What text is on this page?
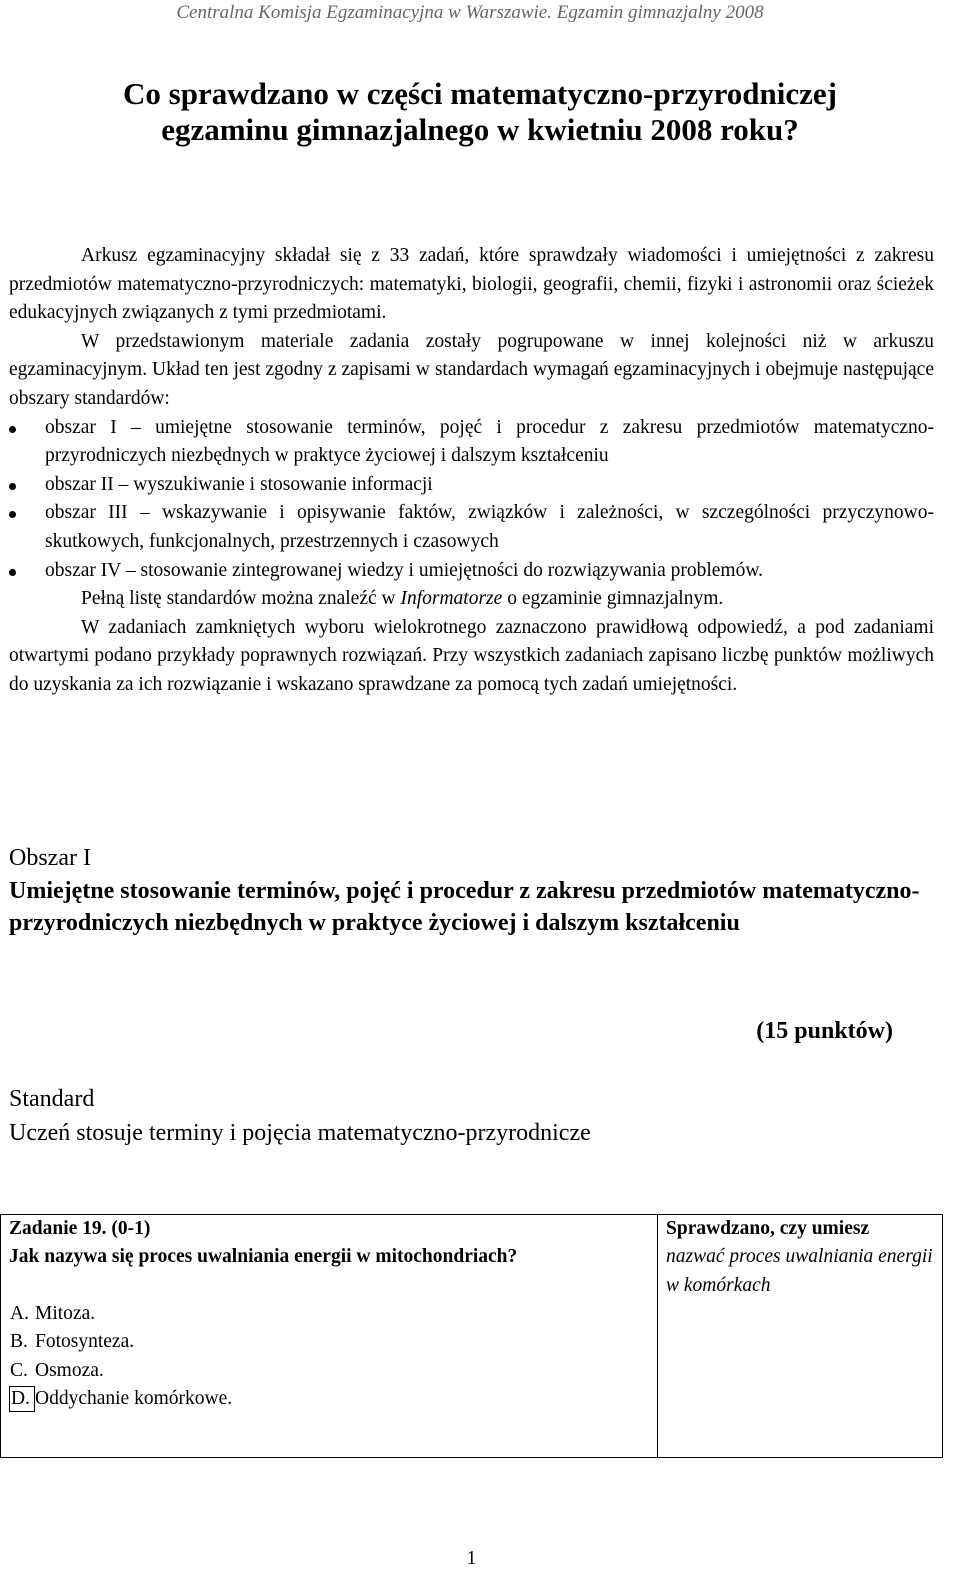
Centralna Komisja Egzaminacyjna w Warszawie. Egzamin gimnazjalny 2008
Co sprawdzano w części matematyczno-przyrodniczej
egzaminu gimnazjalnego w kwietniu 2008 roku?

Arkusz egzaminacyjny składał się z 33 zadań, które sprawdzały wiadomości i umiejętności z zakresu przedmiotów matematyczno-przyrodniczych: matematyki, biologii, geografii, chemii, fizyki i astronomii oraz ścieżek edukacyjnych związanych z tymi przedmiotami.

W przedstawionym materiale zadania zostały pogrupowane w innej kolejności niż w arkuszu egzaminacyjnym. Układ ten jest zgodny z zapisami w standardach wymagań egzaminacyjnych i obejmuje następujące obszary standardów:

obszar I – umiejętne stosowanie terminów, pojęć i procedur z zakresu przedmiotów matematyczno-przyrodniczych niezbędnych w praktyce życiowej i dalszym kształceniu
obszar II – wyszukiwanie i stosowanie informacji
obszar III – wskazywanie i opisywanie faktów, związków i zależności, w szczególności przyczynowo-skutkowych, funkcjonalnych, przestrzennych i czasowych
obszar IV – stosowanie zintegrowanej wiedzy i umiejętności do rozwiązywania problemów.

Pełną listę standardów można znaleźć w Informatorze o egzaminie gimnazjalnym.

W zadaniach zamkniętych wyboru wielokrotnego zaznaczono prawidłową odpowiedź, a pod zadaniami otwartymi podano przykłady poprawnych rozwiązań. Przy wszystkich zadaniach zapisano liczbę punktów możliwych do uzyskania za ich rozwiązanie i wskazano sprawdzane za pomocą tych zadań umiejętności.

Obszar I
Umiejętne stosowanie terminów, pojęć i procedur z zakresu przedmiotów matematyczno-przyrodniczych niezbędnych w praktyce życiowej i dalszym kształceniu
(15 punktów)
Standard
Uczeń stosuje terminy i pojęcia matematyczno-przyrodnicze
Zadanie 19. (0-1)
Jak nazywa się proces uwalniania energii w mitochondriach?
A. Mitoza.
B. Fotosynteza.
C. Osmoza.
D. Oddychanie komórkowe.

Sprawdzano, czy umiesz
nazwać proces uwalniania energii w komórkach
1
